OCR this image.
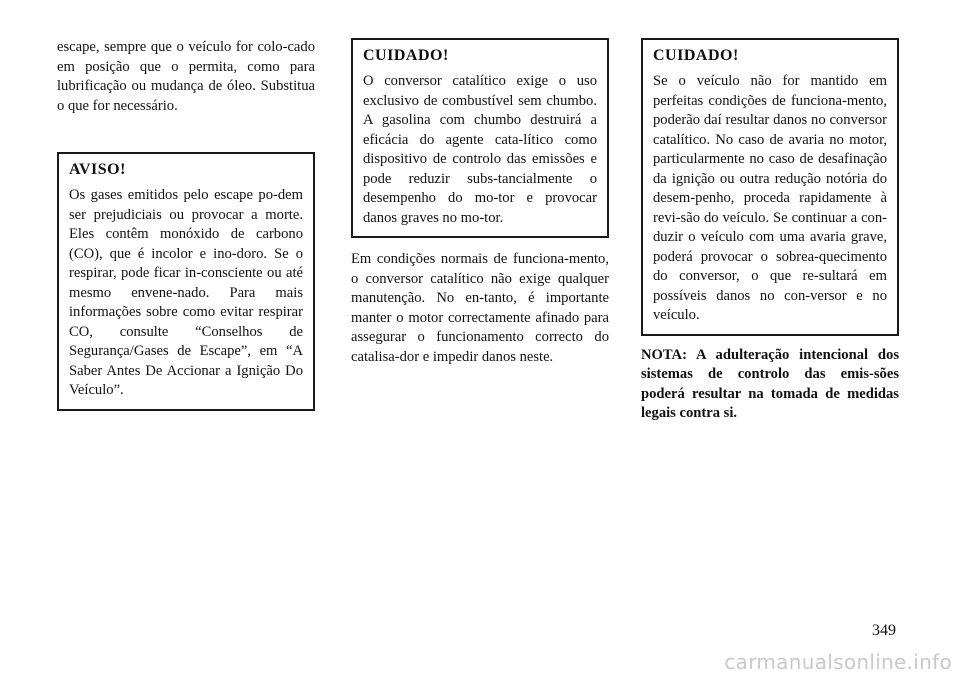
escape, sempre que o veículo for colo-cado em posição que o permita, como para lubrificação ou mudança de óleo. Substitua o que for necessário.

AVISO!

Os gases emitidos pelo escape po-dem ser prejudiciais ou provocar a morte. Eles contêm monóxido de carbono (CO), que é incolor e ino-doro. Se o respirar, pode ficar in-consciente ou até mesmo envene-nado. Para mais informações sobre como evitar respirar CO, consulte “Conselhos de Segurança/Gases de Escape”, em “A Saber Antes De Accionar a Ignição Do Veículo”.

CUIDADO!

O conversor catalítico exige o uso exclusivo de combustível sem chumbo. A gasolina com chumbo destruirá a eficácia do agente cata-lítico como dispositivo de controlo das emissões e pode reduzir subs-tancialmente o desempenho do mo-tor e provocar danos graves no mo-tor.

Em condições normais de funciona-mento, o conversor catalítico não exige qualquer manutenção. No en-tanto, é importante manter o motor correctamente afinado para assegurar o funcionamento correcto do catalisa-dor e impedir danos neste.

CUIDADO!

Se o veículo não for mantido em perfeitas condições de funciona-mento, poderão daí resultar danos no conversor catalítico. No caso de avaria no motor, particularmente no caso de desafinação da ignição ou outra redução notória do desem-penho, proceda rapidamente à revi-são do veículo. Se continuar a con-duzir o veículo com uma avaria grave, poderá provocar o sobrea-quecimento do conversor, o que re-sultará em possíveis danos no con-versor e no veículo.

NOTA: A adulteração intencional dos sistemas de controlo das emis-sões poderá resultar na tomada de medidas legais contra si.

349
carmanualsonline.info
